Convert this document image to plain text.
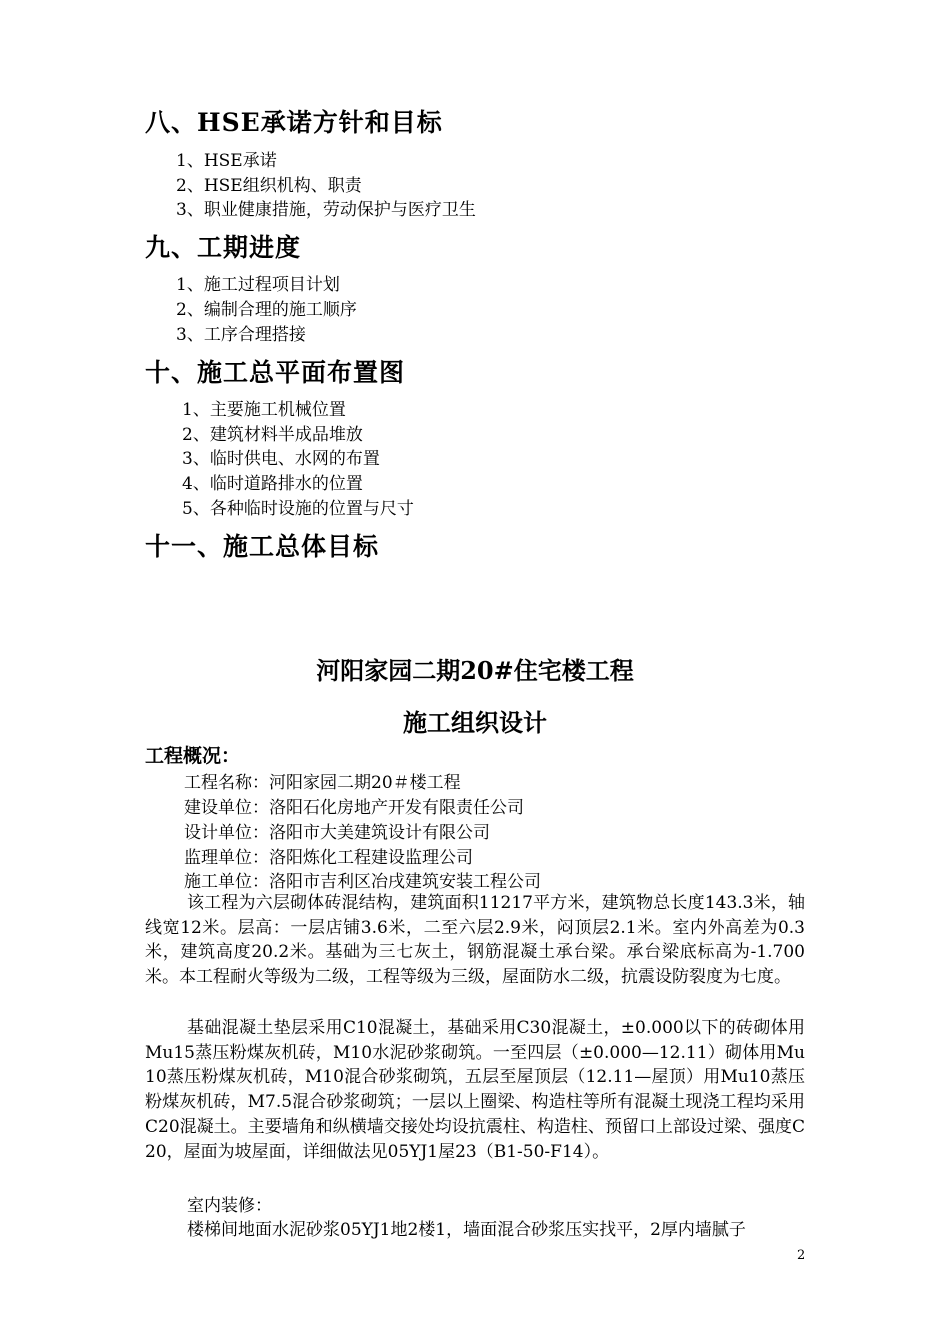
八、HSE承诺方针和目标
1、HSE承诺
2、HSE组织机构、职责
3、职业健康措施，劳动保护与医疗卫生
九、工期进度
1、施工过程项目计划
2、编制合理的施工顺序
3、工序合理搭接
十、施工总平面布置图
1、主要施工机械位置
2、建筑材料半成品堆放
3、临时供电、水网的布置
4、临时道路排水的位置
5、各种临时设施的位置与尺寸
十一、施工总体目标
河阳家园二期20#住宅楼工程
施工组织设计
工程概况：
工程名称：河阳家园二期20＃楼工程
建设单位：洛阳石化房地产开发有限责任公司
设计单位：洛阳市大美建筑设计有限公司
监理单位：洛阳炼化工程建设监理公司
施工单位：洛阳市吉利区冶戌建筑安装工程公司
该工程为六层砌体砖混结构，建筑面积11217平方米，建筑物总长度143.3米，轴线宽12米。层高：一层店铺3.6米，二至六层2.9米，闷顶层2.1米。室内外高差为0.3米，建筑高度20.2米。基础为三七灰土，钢筋混凝土承台梁。承台梁底标高为-1.700米。本工程耐火等级为二级，工程等级为三级，屋面防水二级，抗震设防裂度为七度。
基础混凝土垫层采用C10混凝土，基础采用C30混凝土，±0.000以下的砖砌体用Mu15蒸压粉煤灰机砖，M10水泥砂浆砌筑。一至四层（±0.000—12.11）砌体用Mu10蒸压粉煤灰机砖，M10混合砂浆砌筑，五层至屋顶层（12.11—屋顶）用Mu10蒸压粉煤灰机砖，M7.5混合砂浆砌筑；一层以上圈梁、构造柱等所有混凝土现浇工程均采用C20混凝土。主要墙角和纵横墙交接处均设抗震柱、构造柱、预留口上部设过梁、强度C20，屋面为坡屋面，详细做法见05YJ1屋23（B1-50-F14）。
室内装修：
楼梯间地面水泥砂浆05YJ1地2楼1，墙面混合砂浆压实找平，2厚内墙腻子
2
